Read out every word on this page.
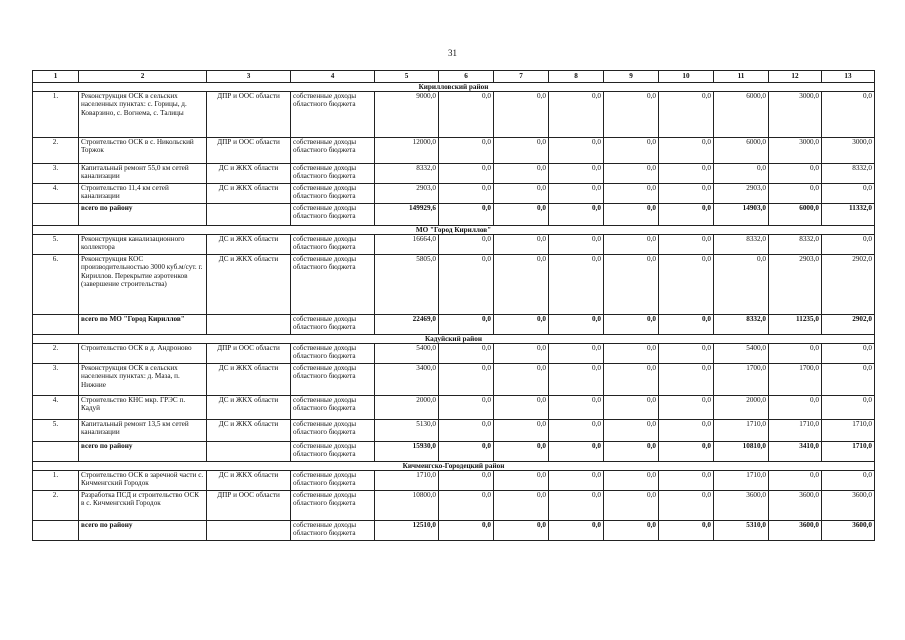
31
1	2	3	4	5	6	7	8	9	10	11	12	13
Кирилловский район												
1.	Реконструкция ОСК в сельских населенных пунктах: с. Горицы, д. Коварзино, с. Вогнема, с. Талицы	ДПР и ООС области	собственные доходы областного бюджета	9000,0	0,0	0,0	0,0	0,0	0,0	6000,0	3000,0	0,0
2.	Строительство ОСК в с. Никольский Торжок	ДПР и ООС области	собственные доходы областного бюджета	12000,0	0,0	0,0	0,0	0,0	0,0	6000,0	3000,0	3000,0
3.	Капитальный ремонт 55,0 км сетей канализации	ДС и ЖКХ области	собственные доходы областного бюджета	8332,0	0,0	0,0	0,0	0,0	0,0	0,0	0,0	8332,0
4.	Строительство 11,4 км сетей канализации	ДС и ЖКХ области	собственные доходы областного бюджета	2903,0	0,0	0,0	0,0	0,0	0,0	2903,0	0,0	0,0
	всего по району		собственные доходы областного бюджета	149929,6	0,0	0,0	0,0	0,0	0,0	14903,0	6000,0	11332,0
МО "Город Кириллов"												
5.	Реконструкция канализационного коллектора	ДС и ЖКХ области	собственные доходы областного бюджета	16664,0	0,0	0,0	0,0	0,0	0,0	8332,0	8332,0	0,0
6.	Реконструкция КОС производительностью 3000 куб.м/сут. г. Кириллов. Перекрытие аэротенков (завершение строительства)	ДС и ЖКХ области	собственные доходы областного бюджета	5805,0	0,0	0,0	0,0	0,0	0,0	0,0	2903,0	2902,0
	всего по МО "Город Кириллов"		собственные доходы областного бюджета	22469,0	0,0	0,0	0,0	0,0	0,0	8332,0	11235,0	2902,0
Кадуйский район												
2.	Строительство ОСК в д. Андроново	ДПР и ООС области	собственные доходы областного бюджета	5400,0	0,0	0,0	0,0	0,0	0,0	5400,0	0,0	0,0
3.	Реконструкция ОСК в сельских населенных пунктах: д. Маза, п. Нижние	ДС и ЖКХ области	собственные доходы областного бюджета	3400,0	0,0	0,0	0,0	0,0	0,0	1700,0	1700,0	0,0
4.	Строительство КНС мкр. ГРЭС п. Кадуй	ДС и ЖКХ области	собственные доходы областного бюджета	2000,0	0,0	0,0	0,0	0,0	0,0	2000,0	0,0	0,0
5.	Капитальный ремонт 13,5 км сетей канализации	ДС и ЖКХ области	собственные доходы областного бюджета	5130,0	0,0	0,0	0,0	0,0	0,0	1710,0	1710,0	1710,0
	всего по району		собственные доходы областного бюджета	15930,0	0,0	0,0	0,0	0,0	0,0	10810,0	3410,0	1710,0
Кичменгско-Городецкий район												
1.	Строительство ОСК в заречной части с. Кичменгский Городок	ДС и ЖКХ области	собственные доходы областного бюджета	1710,0	0,0	0,0	0,0	0,0	0,0	1710,0	0,0	0,0
2.	Разработка ПСД и строительство ОСК в с. Кичменгский Городок	ДПР и ООС области	собственные доходы областного бюджета	10800,0	0,0	0,0	0,0	0,0	0,0	3600,0	3600,0	3600,0
	всего по району		собственные доходы областного бюджета	12510,0	0,0	0,0	0,0	0,0	0,0	5310,0	3600,0	3600,0
